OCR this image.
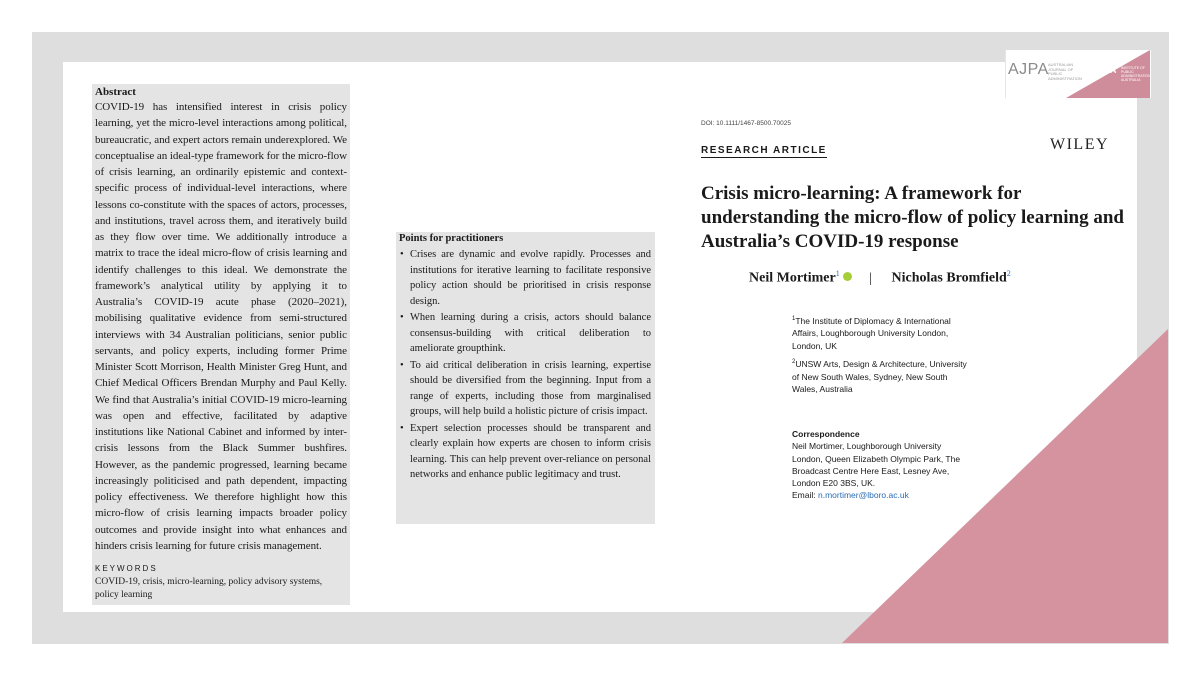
AJPA AUSTRALIAN JOURNAL OF PUBLIC ADMINISTRATION
IPAA INSTITUTE OF PUBLIC ADMINISTRATION AUSTRALIA
Abstract

COVID-19 has intensified interest in crisis policy learning, yet the micro-level interactions among political, bureaucratic, and expert actors remain underexplored. We conceptualise an ideal-type framework for the micro-flow of crisis learning, an ordinarily epistemic and context-specific process of individual-level interactions, where lessons co-constitute with the spaces of actors, processes, and institutions, travel across them, and iteratively build as they flow over time. We additionally introduce a matrix to trace the ideal micro-flow of crisis learning and identify challenges to this ideal. We demonstrate the framework’s analytical utility by applying it to Australia’s COVID-19 acute phase (2020–2021), mobilising qualitative evidence from semi-structured interviews with 34 Australian politicians, senior public servants, and policy experts, including former Prime Minister Scott Morrison, Health Minister Greg Hunt, and Chief Medical Officers Brendan Murphy and Paul Kelly. We find that Australia’s initial COVID-19 micro-learning was open and effective, facilitated by adaptive institutions like National Cabinet and informed by inter-crisis lessons from the Black Summer bushfires. However, as the pandemic progressed, learning became increasingly politicised and path dependent, impacting policy effectiveness. We therefore highlight how this micro-flow of crisis learning impacts broader policy outcomes and provide insight into what enhances and hinders crisis learning for future crisis management.

KEYWORDS
COVID-19, crisis, micro-learning, policy advisory systems, policy learning
Points for practitioners
• Crises are dynamic and evolve rapidly. Processes and institutions for iterative learning to facilitate responsive policy action should be prioritised in crisis response design.
• When learning during a crisis, actors should balance consensus-building with critical deliberation to ameliorate groupthink.
• To aid critical deliberation in crisis learning, expertise should be diversified from the beginning. Input from a range of experts, including those from marginalised groups, will help build a holistic picture of crisis impact.
• Expert selection processes should be transparent and clearly explain how experts are chosen to inform crisis learning. This can help prevent over-reliance on personal networks and enhance public legitimacy and trust.
DOI: 10.1111/1467-8500.70025
RESEARCH ARTICLE	WILEY
Crisis micro-learning: A framework for understanding the micro-flow of policy learning and Australia’s COVID-19 response
Neil Mortimer$^1$ | Nicholas Bromfield$^2$

$^1$The Institute of Diplomacy & International Affairs, Loughborough University London, London, UK

$^2$UNSW Arts, Design & Architecture, University of New South Wales, Sydney, New South Wales, Australia

Correspondence
Neil Mortimer, Loughborough University London, Queen Elizabeth Olympic Park, The Broadcast Centre Here East, Lesney Ave, London E20 3BS, UK.
Email: n.mortimer@lboro.ac.uk
